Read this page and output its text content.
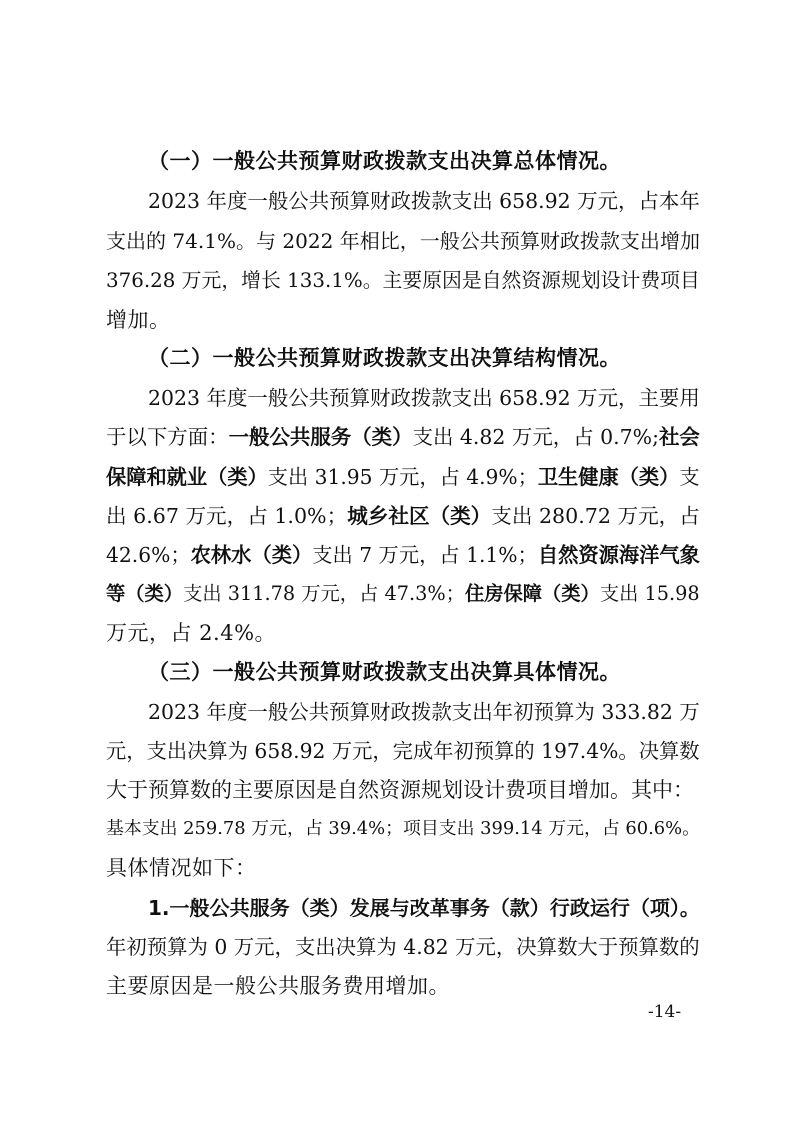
（一）一般公共预算财政拨款支出决算总体情况。
2023 年度一般公共预算财政拨款支出 658.92 万元，占本年
支出的 74.1%。与 2022 年相比，一般公共预算财政拨款支出增加
376.28 万元，增长 133.1%。主要原因是自然资源规划设计费项目
增加。
（二）一般公共预算财政拨款支出决算结构情况。
2023 年度一般公共预算财政拨款支出 658.92 万元，主要用
于以下方面：一般公共服务（类）支出 4.82 万元，占 0.7%;社会
保障和就业（类）支出 31.95 万元，占 4.9%；卫生健康（类）支
出 6.67 万元，占 1.0%；城乡社区（类）支出 280.72 万元，占
42.6%；农林水（类）支出 7 万元，占 1.1%；自然资源海洋气象
等（类）支出 311.78 万元，占 47.3%；住房保障（类）支出 15.98
万元，占 2.4%。
（三）一般公共预算财政拨款支出决算具体情况。
2023 年度一般公共预算财政拨款支出年初预算为 333.82 万
元，支出决算为 658.92 万元，完成年初预算的 197.4%。决算数
大于预算数的主要原因是自然资源规划设计费项目增加。其中：
基本支出 259.78 万元，占 39.4%；项目支出 399.14 万元，占 60.6%。
具体情况如下：
1.一般公共服务（类）发展与改革事务（款）行政运行（项）。
年初预算为 0 万元，支出决算为 4.82 万元，决算数大于预算数的
主要原因是一般公共服务费用增加。
-14-
